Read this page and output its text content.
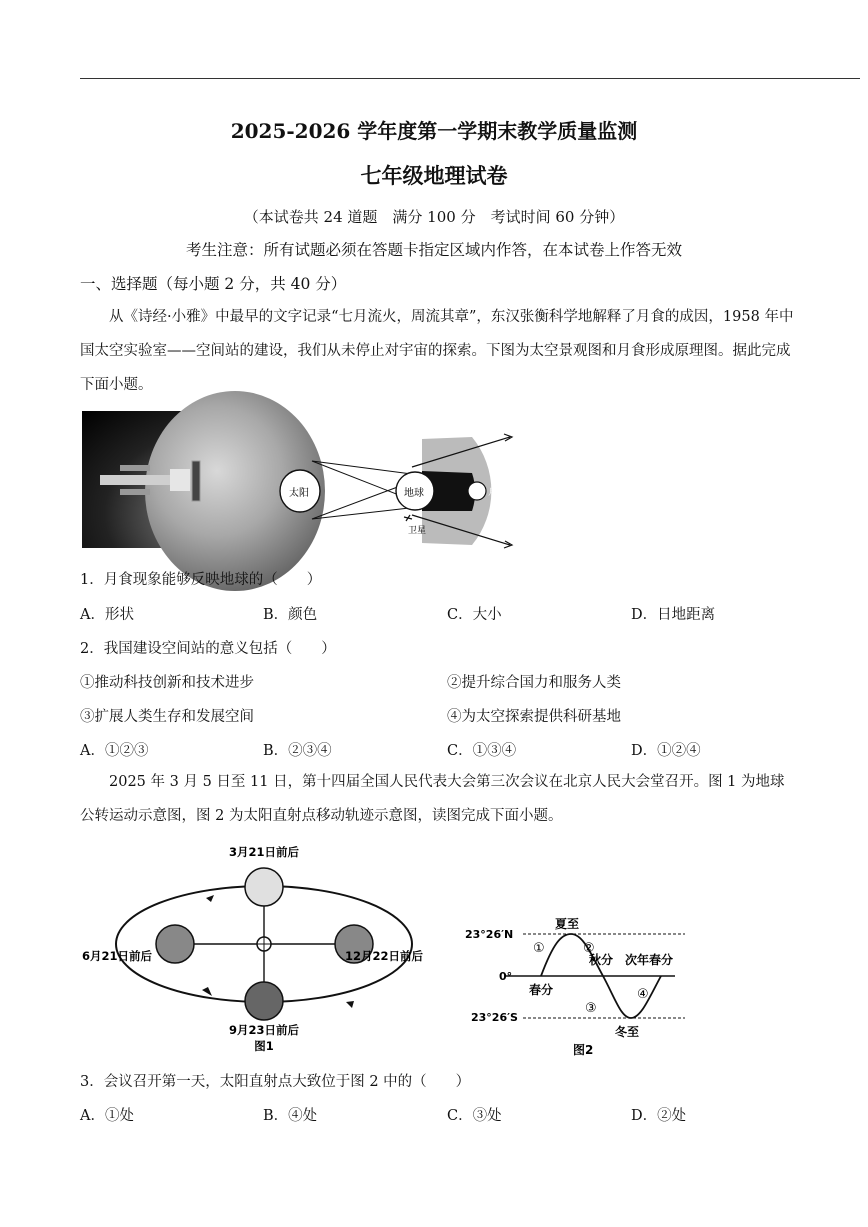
2025-2026 学年度第一学期末教学质量监测
七年级地理试卷
（本试卷共 24 道题　满分 100 分　考试时间 60 分钟）
考生注意：所有试题必须在答题卡指定区域内作答，在本试卷上作答无效
一、选择题（每小题 2 分，共 40 分）
从《诗经·小雅》中最早的文字记录“七月流火，周流其章”，东汉张衡科学地解释了月食的成因，1958 年中国太空实验室——空间站的建设，我们从未停止对宇宙的探索。下图为太空景观图和月食形成原理图。据此完成下面小题。
太阳	地球	月球
卫星
1．月食现象能够反映地球的（　　）
A．形状	B．颜色	C．大小	D．日地距离
2．我国建设空间站的意义包括（　　）
①推动科技创新和技术进步	②提升综合国力和服务人类
③扩展人类生存和发展空间	④为太空探索提供科研基地
A．①②③	B．②③④	C．①③④	D．①②④
2025 年 3 月 5 日至 11 日，第十四届全国人民代表大会第三次会议在北京人民大会堂召开。图 1 为地球公转运动示意图，图 2 为太阳直射点移动轨迹示意图，读图完成下面小题。
3月21日前后
6月21日前后	12月22日前后
9月23日前后
图1
23°26′N
0°
23°26′S
夏至
秋分 次年春分
春分
冬至
①	②
③
④
图2
3．会议召开第一天，太阳直射点大致位于图 2 中的（　　）
A．①处	B．④处	C．③处	D．②处
